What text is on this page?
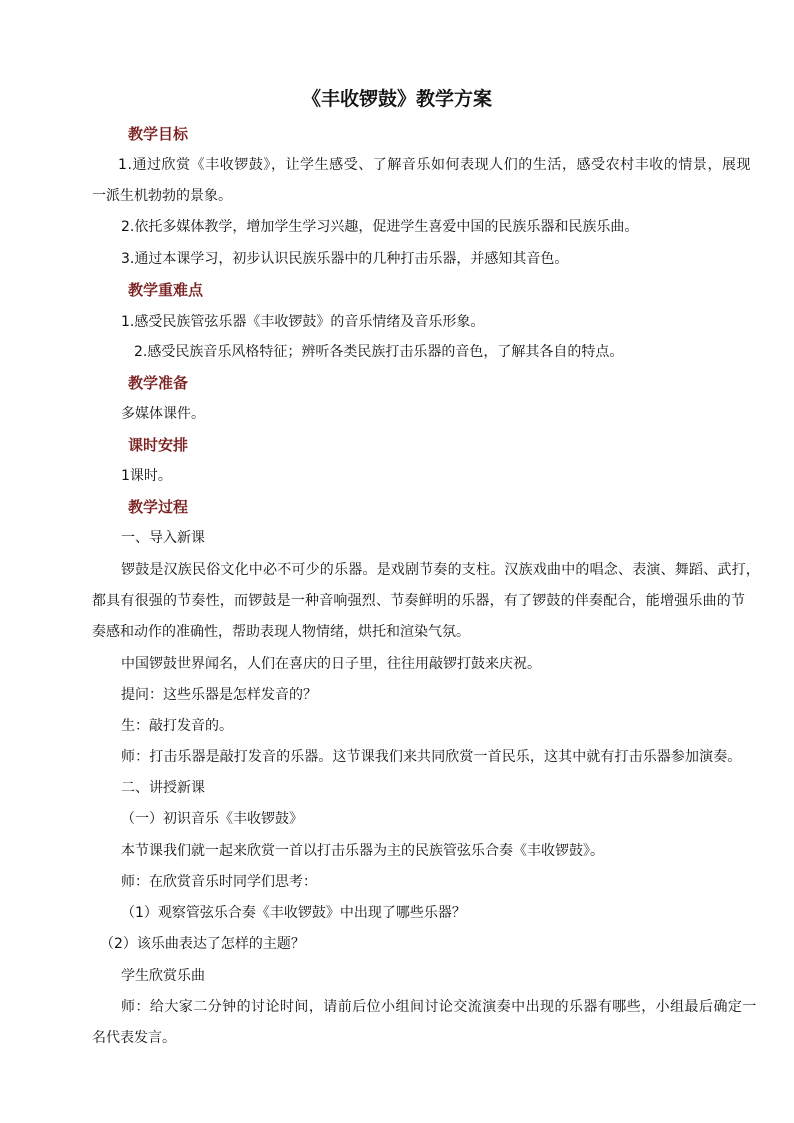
《丰收锣鼓》教学方案
教学目标
1.通过欣赏《丰收锣鼓》，让学生感受、了解音乐如何表现人们的生活，感受农村丰收的情景，展现
一派生机勃勃的景象。
2.依托多媒体教学，增加学生学习兴趣，促进学生喜爱中国的民族乐器和民族乐曲。
3.通过本课学习，初步认识民族乐器中的几种打击乐器，并感知其音色。
教学重难点
1.感受民族管弦乐器《丰收锣鼓》的音乐情绪及音乐形象。
2.感受民族音乐风格特征；辨听各类民族打击乐器的音色，了解其各自的特点。
教学准备
多媒体课件。
课时安排
1课时。
教学过程
一、导入新课
锣鼓是汉族民俗文化中必不可少的乐器。是戏剧节奏的支柱。汉族戏曲中的唱念、表演、舞蹈、武打，
都具有很强的节奏性，而锣鼓是一种音响强烈、节奏鲜明的乐器，有了锣鼓的伴奏配合，能增强乐曲的节
奏感和动作的准确性，帮助表现人物情绪，烘托和渲染气氛。
中国锣鼓世界闻名，人们在喜庆的日子里，往往用敲锣打鼓来庆祝。
提问：这些乐器是怎样发音的？
生：敲打发音的。
师：打击乐器是敲打发音的乐器。这节课我们来共同欣赏一首民乐，这其中就有打击乐器参加演奏。
二、讲授新课
（一）初识音乐《丰收锣鼓》
本节课我们就一起来欣赏一首以打击乐器为主的民族管弦乐合奏《丰收锣鼓》。
师：在欣赏音乐时同学们思考：
（1）观察管弦乐合奏《丰收锣鼓》中出现了哪些乐器？
（2）该乐曲表达了怎样的主题？
学生欣赏乐曲
师：给大家二分钟的讨论时间，请前后位小组间讨论交流演奏中出现的乐器有哪些，小组最后确定一
名代表发言。
